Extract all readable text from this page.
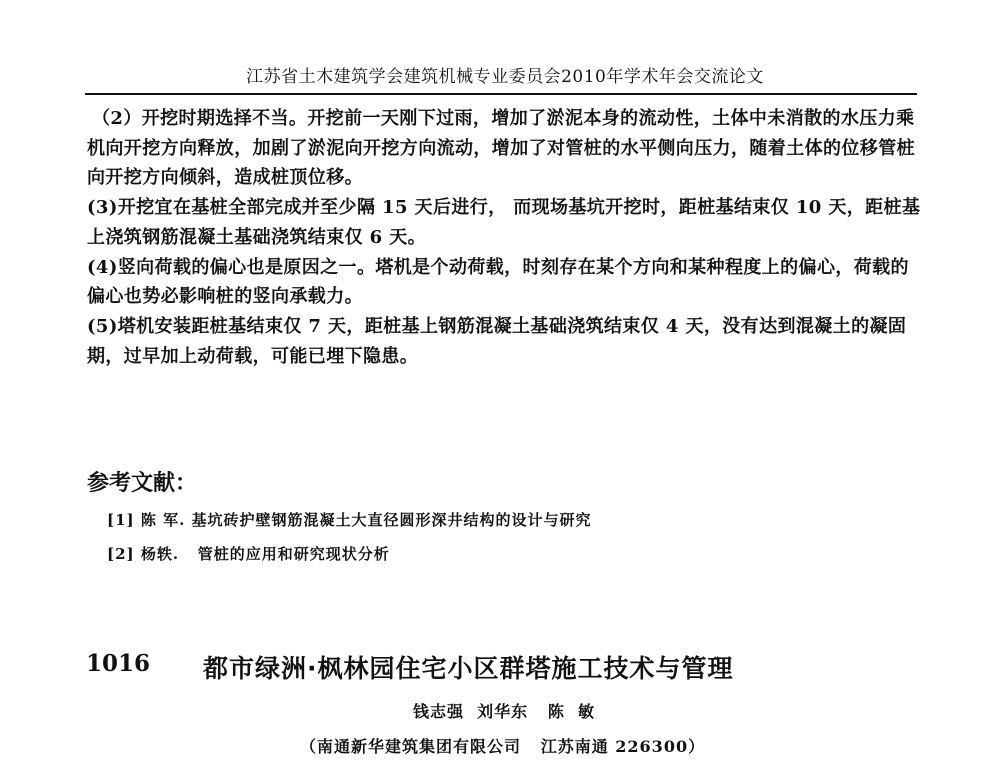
江苏省土木建筑学会建筑机械专业委员会2010年学术年会交流论文

（2）开挖时期选择不当。开挖前一天刚下过雨，增加了淤泥本身的流动性，土体中未消散的水压力乘机向开挖方向释放，加剧了淤泥向开挖方向流动，增加了对管桩的水平侧向压力，随着土体的位移管桩向开挖方向倾斜，造成桩顶位移。

(3)开挖宜在基桩全部完成并至少隔 15 天后进行， 而现场基坑开挖时，距桩基结束仅 10 天，距桩基上浇筑钢筋混凝土基础浇筑结束仅 6 天。

(4)竖向荷载的偏心也是原因之一。塔机是个动荷载，时刻存在某个方向和某种程度上的偏心，荷载的偏心也势必影响桩的竖向承载力。

(5)塔机安装距桩基结束仅 7 天，距桩基上钢筋混凝土基础浇筑结束仅 4 天，没有达到混凝土的凝固期，过早加上动荷载，可能已埋下隐患。

参考文献：
[1] 陈 军. 基坑砖护壁钢筋混凝土大直径圆形深井结构的设计与研究
[2] 杨轶.   管桩的应用和研究现状分析
1016 都市绿洲·枫林园住宅小区群塔施工技术与管理
钱志强  刘华东   陈  敏
（南通新华建筑集团有限公司   江苏南通 226300）
